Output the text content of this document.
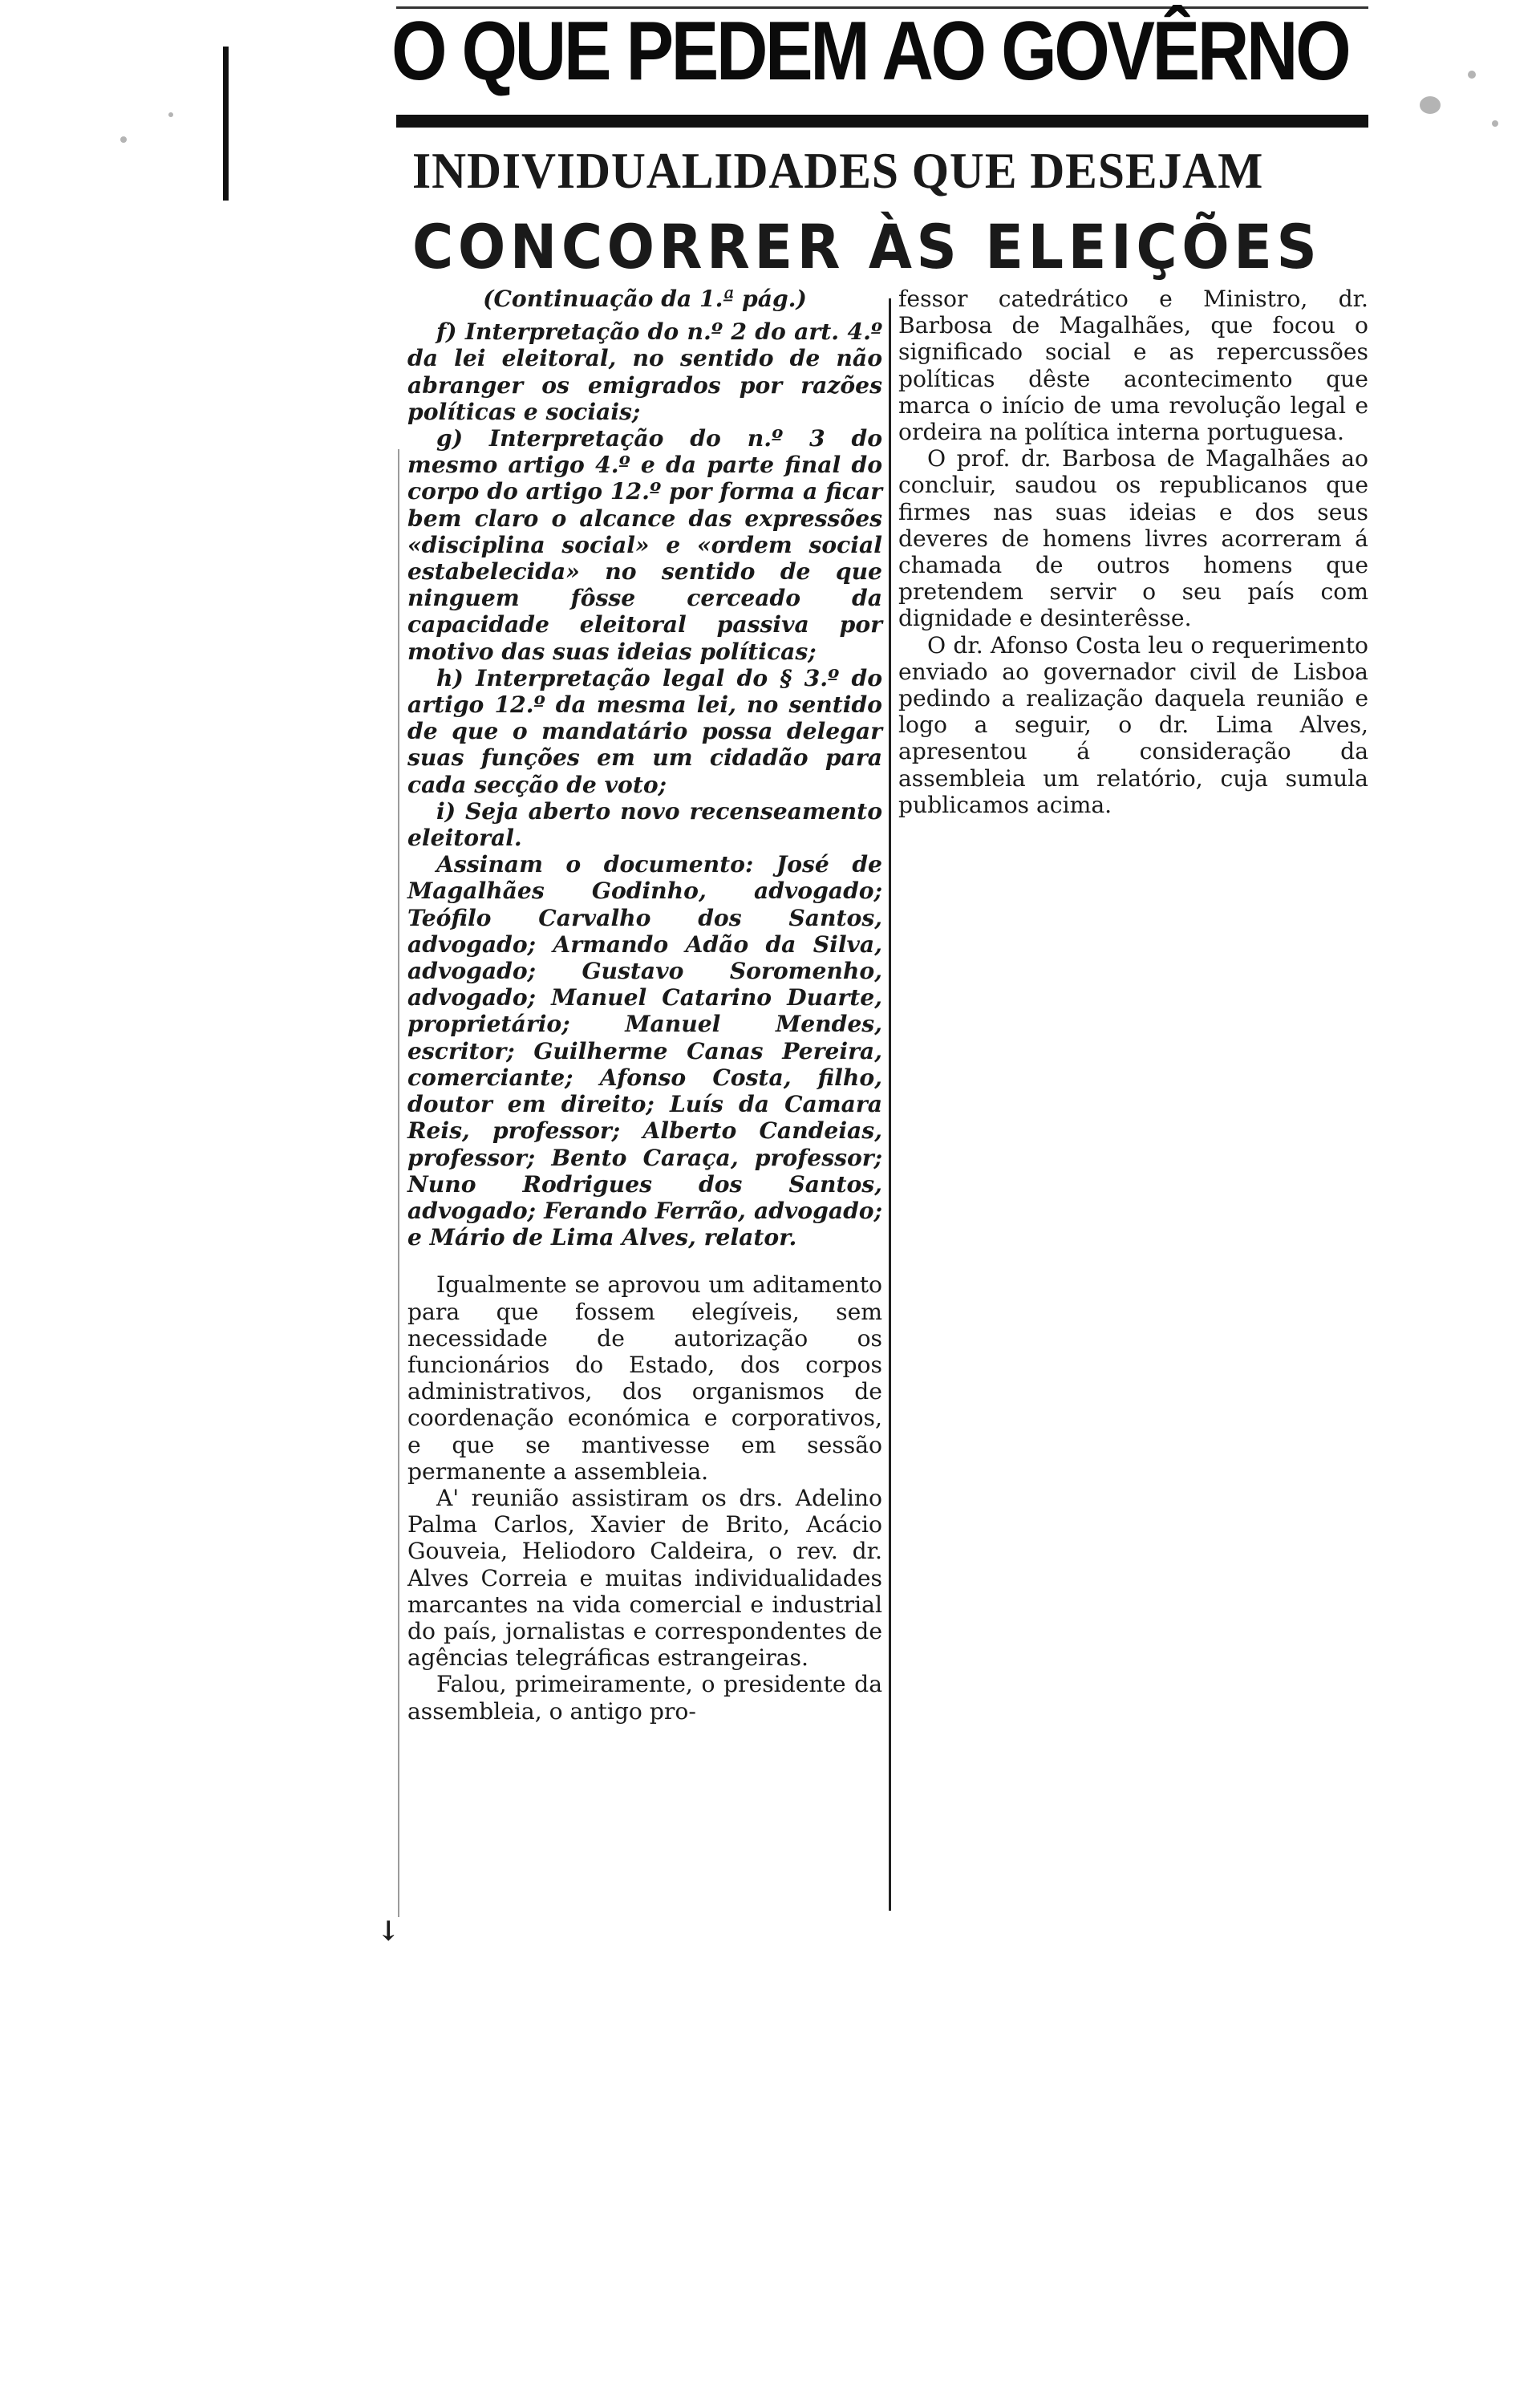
O QUE PEDEM AO GOVÊRNO
INDIVIDUALIDADES QUE DESEJAM
CONCORRER ÀS ELEIÇÕES
(Continuação da 1.ª pág.)

f) Interpretação do n.º 2 do art. 4.º da lei eleitoral, no sentido de não abranger os emigrados por razões políticas e sociais;

g) Interpretação do n.º 3 do mesmo artigo 4.º e da parte final do corpo do artigo 12.º por forma a ficar bem claro o alcance das expressões «disciplina social» e «ordem social estabelecida» no sentido de que ninguem fôsse cerceado da capacidade eleitoral passiva por motivo das suas ideias políticas;

h) Interpretação legal do § 3.º do artigo 12.º da mesma lei, no sentido de que o mandatário possa delegar suas funções em um cidadão para cada secção de voto;

i) Seja aberto novo recenseamento eleitoral.

Assinam o documento: José de Magalhães Godinho, advogado; Teófilo Carvalho dos Santos, advogado; Armando Adão da Silva, advogado; Gustavo Soromenho, advogado; Manuel Catarino Duarte, proprietário; Manuel Mendes, escritor; Guilherme Canas Pereira, comerciante; Afonso Costa, filho, doutor em direito; Luís da Camara Reis, professor; Alberto Candeias, professor; Bento Caraça, professor; Nuno Rodrigues dos Santos, advogado; Ferando Ferrão, advogado; e Mário de Lima Alves, relator.

Igualmente se aprovou um aditamento para que fossem elegíveis, sem necessidade de autorização os funcionários do Estado, dos corpos administrativos, dos organismos de coordenação económica e corporativos, e que se mantivesse em sessão permanente a assembleia.

A' reunião assistiram os drs. Adelino Palma Carlos, Xavier de Brito, Acácio Gouveia, Heliodoro Caldeira, o rev. dr. Alves Correia e muitas individualidades marcantes na vida comercial e industrial do país, jornalistas e correspondentes de agências telegráficas estrangeiras.

Falou, primeiramente, o presidente da assembleia, o antigo pro-

fessor catedrático e Ministro, dr. Barbosa de Magalhães, que focou o significado social e as repercussões políticas dêste acontecimento que marca o início de uma revolução legal e ordeira na política interna portuguesa.

O prof. dr. Barbosa de Magalhães ao concluir, saudou os republicanos que firmes nas suas ideias e dos seus deveres de homens livres acorreram á chamada de outros homens que pretendem servir o seu país com dignidade e desinterêsse.

O dr. Afonso Costa leu o requerimento enviado ao governador civil de Lisboa pedindo a realização daquela reunião e logo a seguir, o dr. Lima Alves, apresentou á consideração da assembleia um relatório, cuja sumula publicamos acima.

↓
